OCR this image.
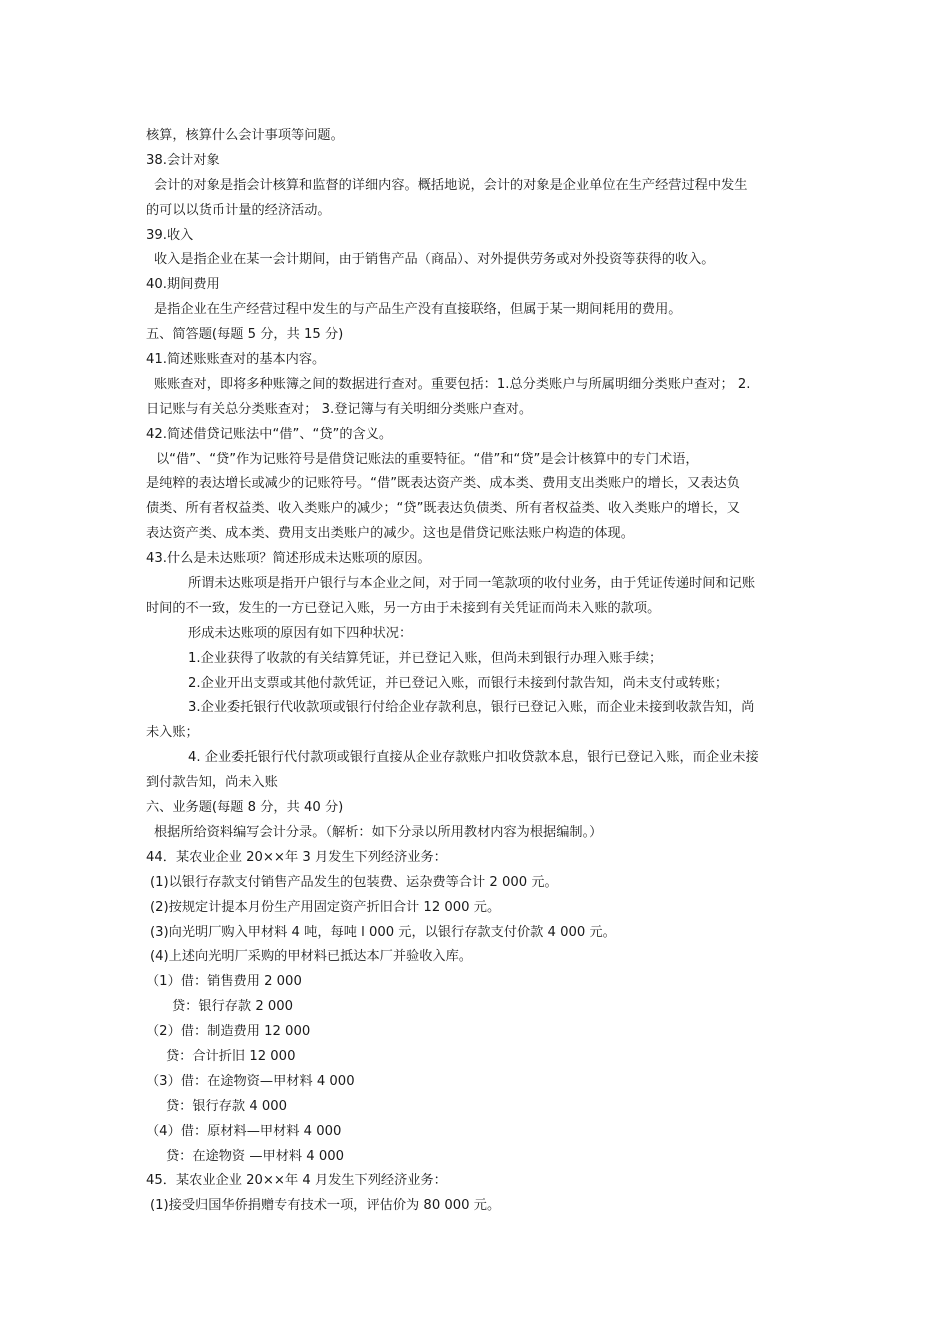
核算，核算什么会计事项等问题。
38.会计对象
会计的对象是指会计核算和监督的详细内容。概括地说，会计的对象是企业单位在生产经营过程中发生
的可以以货币计量的经济活动。
39.收入
收入是指企业在某一会计期间，由于销售产品（商品）、对外提供劳务或对外投资等获得的收入。
40.期间费用
是指企业在生产经营过程中发生的与产品生产没有直接联络，但属于某一期间耗用的费用。
五、简答题(每题 5 分，共 15 分)
41.简述账账查对的基本内容。
账账查对，即将多种账簿之间的数据进行查对。重要包括：1.总分类账户与所属明细分类账户查对； 2.
日记账与有关总分类账查对； 3.登记簿与有关明细分类账户查对。
42.简述借贷记账法中“借”、“贷”的含义。
以“借”、“贷”作为记账符号是借贷记账法的重要特征。“借”和“贷”是会计核算中的专门术语，
是纯粹的表达增长或减少的记账符号。“借”既表达资产类、成本类、费用支出类账户的增长，又表达负
债类、所有者权益类、收入类账户的减少；“贷”既表达负债类、所有者权益类、收入类账户的增长，又
表达资产类、成本类、费用支出类账户的减少。这也是借贷记账法账户构造的体现。
43.什么是未达账项？简述形成未达账项的原因。
所谓未达账项是指开户银行与本企业之间，对于同一笔款项的收付业务，由于凭证传递时间和记账
时间的不一致，发生的一方已登记入账，另一方由于未接到有关凭证而尚未入账的款项。
形成未达账项的原因有如下四种状况：
1.企业获得了收款的有关结算凭证，并已登记入账，但尚未到银行办理入账手续；
2.企业开出支票或其他付款凭证，并已登记入账，而银行未接到付款告知，尚未支付或转账；
3.企业委托银行代收款项或银行付给企业存款利息，银行已登记入账，而企业未接到收款告知，尚
未入账；
4. 企业委托银行代付款项或银行直接从企业存款账户扣收贷款本息，银行已登记入账，而企业未接
到付款告知，尚未入账
六、业务题(每题 8 分，共 40 分)
根据所给资料编写会计分录。（解析：如下分录以所用教材内容为根据编制。）
44．某农业企业 20××年 3 月发生下列经济业务：
(1)以银行存款支付销售产品发生的包装费、运杂费等合计 2 000 元。
(2)按规定计提本月份生产用固定资产折旧合计 12 000 元。
(3)向光明厂购入甲材料 4 吨，每吨 l 000 元，以银行存款支付价款 4 000 元。
(4)上述向光明厂采购的甲材料已抵达本厂并验收入库。
（1）借：销售费用 2 000
贷：银行存款 2 000
（2）借：制造费用 12 000
贷：合计折旧 12 000
（3）借：在途物资—甲材料 4 000
贷：银行存款 4 000
（4）借：原材料—甲材料 4 000
贷：在途物资 —甲材料 4 000
45．某农业企业 20××年 4 月发生下列经济业务：
(1)接受归国华侨捐赠专有技术一项，评估价为 80 000 元。
